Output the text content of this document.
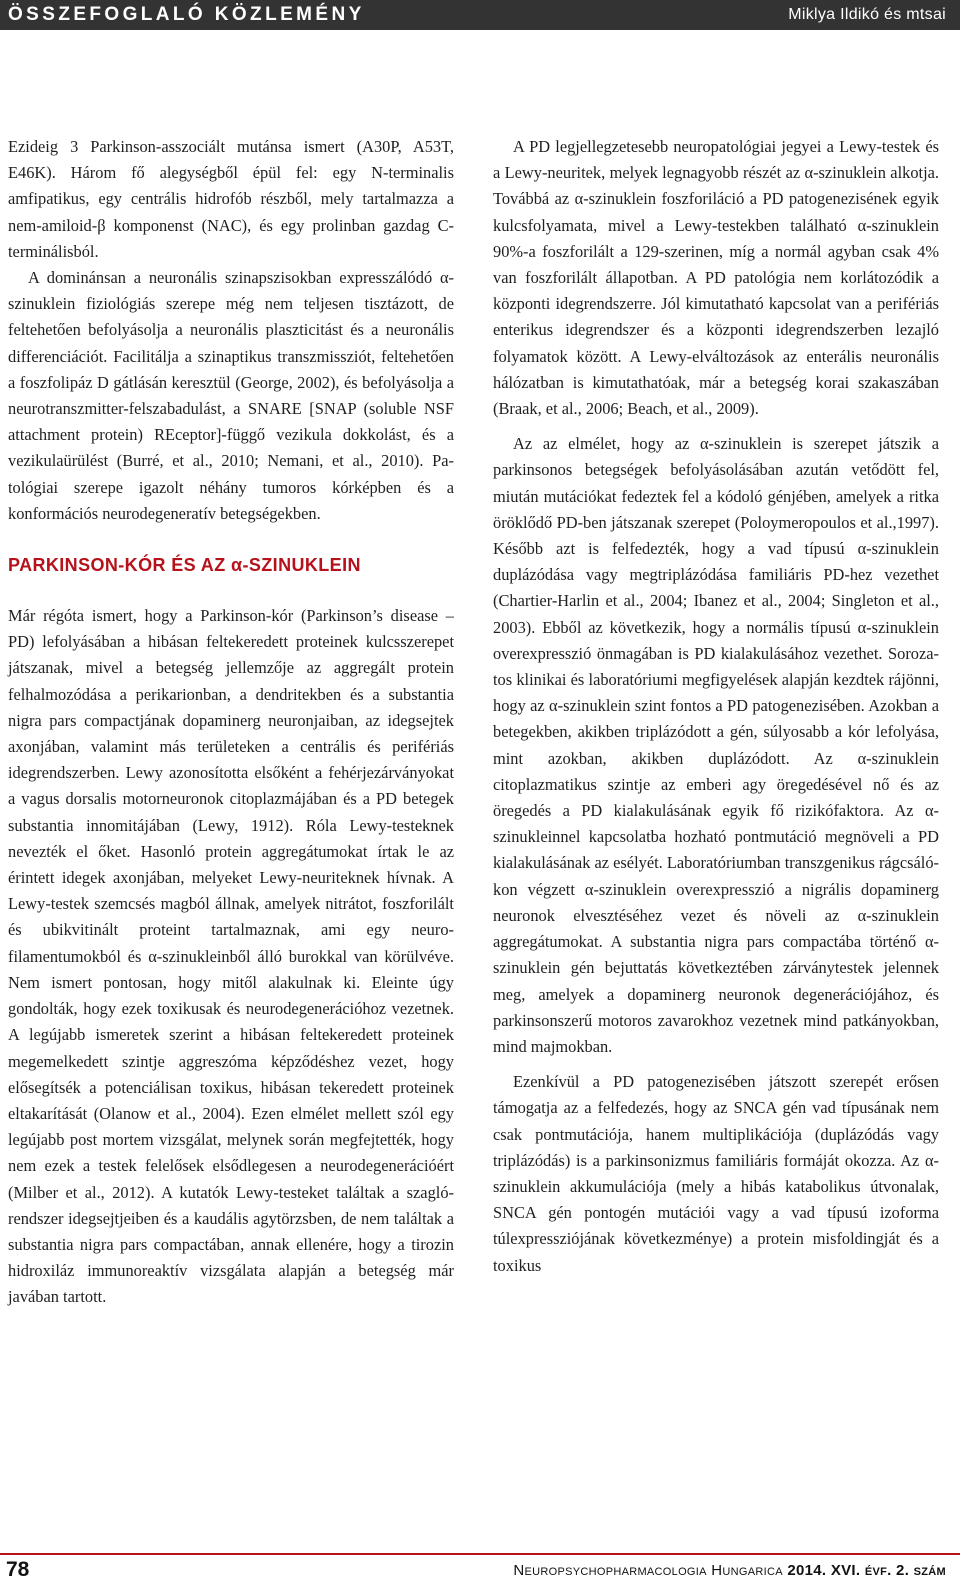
ÖSSZEFOGLALÓ KÖZLEMÉNY	Miklya Ildikó és mtsai

Ezideig 3 Parkinson-asszociált mutánsa ismert (A30P, A53T, E46K). Három fő alegységből épül fel: egy N-terminalis amfipatikus, egy centrális hidrofób részből, mely tartalmazza a nem-amiloid-β komponenst (NAC), és egy prolinban gazdag C-terminálisból.

A dominánsan a neuronális szinapszisokban expresszálódó α-szinuklein fiziológiás szerepe még nem teljesen tisztázott, de feltehetően befolyásolja a neuronális plaszticitást és a neuronális differenciációt. Facilitálja a szinaptikus transzmissziót, feltehetően a foszfolipáz D gátlásán keresztül (George, 2002), és befolyásolja a neurotranszmitter-felszabadulást, a SNARE [SNAP (soluble NSF attachment protein) REceptor]-függő vezikula dokkolást, és a vezikulaürülést (Burré, et al., 2010; Nemani, et al., 2010). Patológiai szerepe igazolt néhány tumoros kórképben és a konformációs neurodegeneratív betegségekben.

PARKINSON-KÓR ÉS AZ α-SZINUKLEIN

Már régóta ismert, hogy a Parkinson-kór (Parkinson’s disease – PD) lefolyásában a hibásan feltekeredett proteinek kulcsszerepet játszanak, mivel a betegség jellemzője az aggregált protein felhalmozódása a perikarionban, a dendritekben és a substantia nigra pars compactjának dopaminerg neuronjaiban, az idegsejtek axonjában, valamint más területeken a centrális és perifériás idegrendszerben. Lewy azonosította elsőként a fehérjezárványokat a vagus dorsalis motorneuronok citoplazmájában és a PD betegek substantia innomitájában (Lewy, 1912). Róla Lewy-testeknek nevezték el őket. Hasonló protein aggregátumokat írtak le az érintett idegek axonjában, melyeket Lewy-neuriteknek hívnak. A Lewy-testek szemcsés magból állnak, amelyek nitrátot, foszforilált és ubikvitinált proteint tartalmaznak, ami egy neurofilamentumokból és α-szinukleinből álló burokkal van körülvéve. Nem ismert pontosan, hogy mitől alakulnak ki. Eleinte úgy gondolták, hogy ezek toxikusak és neurodegenerációhoz vezetnek. A legújabb ismeretek szerint a hibásan feltekeredett proteinek megemelkedett szintje aggreszóma képződéshez vezet, hogy elősegítsék a potenciálisan toxikus, hibásan tekeredett proteinek eltakarítását (Olanow et al., 2004). Ezen elmélet mellett szól egy legújabb post mortem vizsgálat, melynek során megfejtették, hogy nem ezek a testek felelősek elsődlegesen a neurodegenerációért (Milber et al., 2012). A kutatók Lewy-testeket találtak a szaglórendszer idegsejtjeiben és a kaudális agytörzsben, de nem találtak a substantia nigra pars compactában, annak ellenére, hogy a tirozin hidroxiláz immunoreaktív vizsgálata alapján a betegség már javában tartott.

A PD legjellegzetesebb neuropatológiai jegyei a Lewy-testek és a Lewy-neuritek, melyek legnagyobb részét az α-szinuklein alkotja. Továbbá az α-szinuklein foszforiláció a PD patogenezisének egyik kulcsfolyamata, mivel a Lewy-testekben található α-szinuklein 90%-a foszforilált a 129-szerinen, míg a normál agyban csak 4% van foszforilált állapotban. A PD patológia nem korlátozódik a központi idegrendszerre. Jól kimutatható kapcsolat van a perifériás enterikus idegrendszer és a központi idegrendszerben lezajló folyamatok között. A Lewy-elváltozások az enterális neuronális hálózatban is kimutathatóak, már a betegség korai szakaszában (Braak, et al., 2006; Beach, et al., 2009).

Az az elmélet, hogy az α-szinuklein is szerepet játszik a parkinsonos betegségek befolyásolásában azután vetődött fel, miután mutációkat fedeztek fel a kódoló génjében, amelyek a ritka öröklődő PD-ben játszanak szerepet (Poloymeropoulos et al.,1997). Később azt is felfedezték, hogy a vad típusú α-szinuklein duplázódása vagy megtriplázódása familiáris PD-hez vezethet (Chartier-Harlin et al., 2004; Ibanez et al., 2004; Singleton et al., 2003). Ebből az következik, hogy a normális típusú α-szinuklein overexpresszió önmagában is PD kialakulásához vezethet. Sorozatos klinikai és laboratóriumi megfigyelések alapján kezdtek rájönni, hogy az α-szinuklein szint fontos a PD patogenezisében. Azokban a betegekben, akikben triplázódott a gén, súlyosabb a kór lefolyása, mint azokban, akikben duplázódott. Az α-szinuklein citoplazmatikus szintje az emberi agy öregedésével nő és az öregedés a PD kialakulásának egyik fő rizikófaktora. Az α-szinukleinnel kapcsolatba hozható pontmutáció megnöveli a PD kialakulásának az esélyét. Laboratóriumban transzgenikus rágcsálókon végzett α-szinuklein overexpresszió a nigrális dopaminerg neuronok elvesztéséhez vezet és növeli az α-szinuklein aggregátumokat. A substantia nigra pars compactába történő α-szinuklein gén bejuttatás következtében zárványtestek jelennek meg, amelyek a dopaminerg neuronok degenerációjához, és parkinsonszerű motoros zavarokhoz vezetnek mind patkányokban, mind majmokban.

Ezenkívül a PD patogenezisében játszott szerepét erősen támogatja az a felfedezés, hogy az SNCA gén vad típusának nem csak pontmutációja, hanem multiplikációja (duplázódás vagy triplázódás) is a parkinsonizmus familiáris formáját okozza. Az α-szinuklein akkumulációja (mely a hibás katabolikus útvonalak, SNCA gén pontogén mutációi vagy a vad típusú izoforma túlexpressziójának következménye) a protein misfoldingját és a toxikus

78	Neuropsychopharmacologia Hungarica 2014. XVI. évf. 2. szám
